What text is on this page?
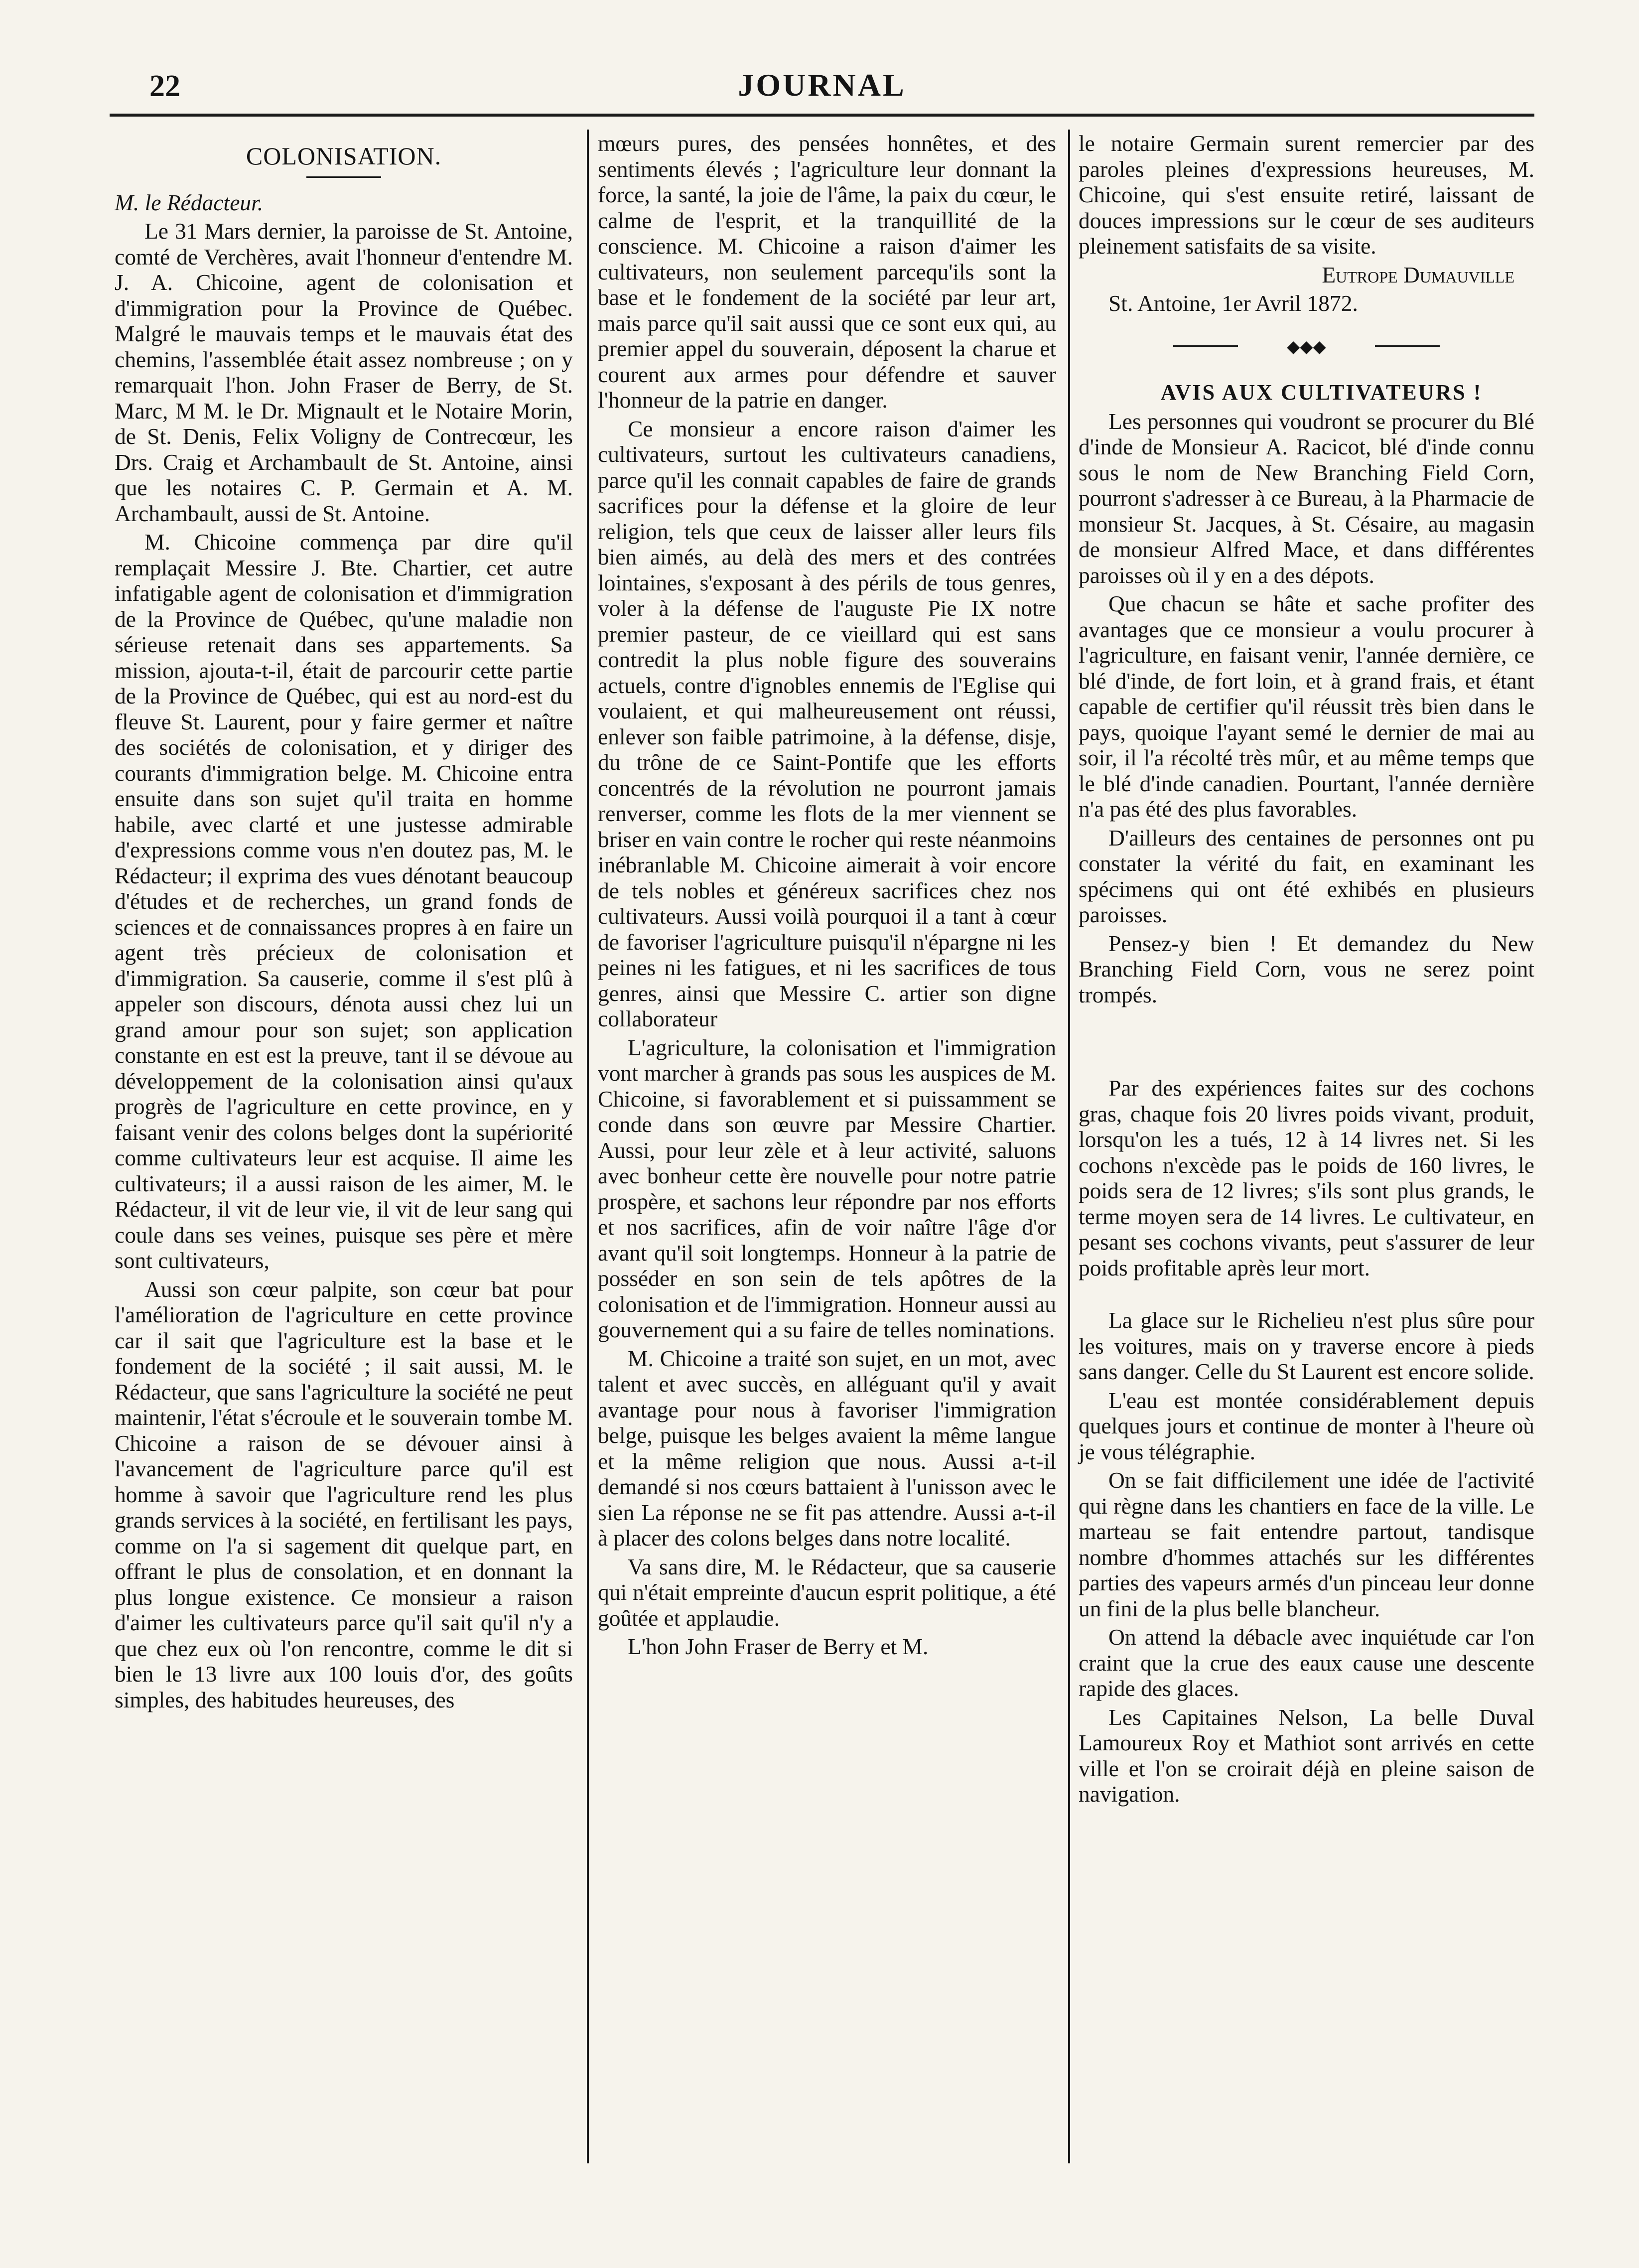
22	JOURNAL
COLONISATION.

M. le Rédacteur.

Le 31 Mars dernier, la paroisse de St. Antoine, comté de Verchères, avait l'honneur d'entendre M. J. A. Chicoine, agent de colonisation et d'immigration pour la Province de Québec. Malgré le mauvais temps et le mauvais état des chemins, l'assemblée était assez nombreuse ; on y remarquait l'hon. John Fraser de Berry, de St. Marc, M M. le Dr. Mignault et le Notaire Morin, de St. Denis, Felix Voligny de Contrecœur, les Drs. Craig et Archambault de St. Antoine, ainsi que les notaires C. P. Germain et A. M. Archambault, aussi de St. Antoine.

M. Chicoine commença par dire qu'il remplaçait Messire J. Bte. Chartier, cet autre infatigable agent de colonisation et d'immigration de la Province de Québec, qu'une maladie non sérieuse retenait dans ses appartements. Sa mission, ajouta-t-il, était de parcourir cette partie de la Province de Québec, qui est au nord-est du fleuve St. Laurent, pour y faire germer et naître des sociétés de colonisation, et y diriger des courants d'immigration belge. M. Chicoine entra ensuite dans son sujet qu'il traita en homme habile, avec clarté et une justesse admirable d'expressions comme vous n'en doutez pas, M. le Rédacteur; il exprima des vues dénotant beaucoup d'études et de recherches, un grand fonds de sciences et de connaissances propres à en faire un agent très précieux de colonisation et d'immigration. Sa causerie, comme il s'est plû à appeler son discours, dénota aussi chez lui un grand amour pour son sujet; son application constante en est est la preuve, tant il se dévoue au développement de la colonisation ainsi qu'aux progrès de l'agriculture en cette province, en y faisant venir des colons belges dont la supériorité comme cultivateurs leur est acquise. Il aime les cultivateurs; il a aussi raison de les aimer, M. le Rédacteur, il vit de leur vie, il vit de leur sang qui coule dans ses veines, puisque ses père et mère sont cultivateurs,

Aussi son cœur palpite, son cœur bat pour l'amélioration de l'agriculture en cette province car il sait que l'agriculture est la base et le fondement de la société ; il sait aussi, M. le Rédacteur, que sans l'agriculture la société ne peut maintenir, l'état s'écroule et le souverain tombe M. Chicoine a raison de se dévouer ainsi à l'avancement de l'agriculture parce qu'il est homme à savoir que l'agriculture rend les plus grands services à la société, en fertilisant les pays, comme on l'a si sagement dit quelque part, en offrant le plus de consolation, et en donnant la plus longue existence. Ce monsieur a raison d'aimer les cultivateurs parce qu'il sait qu'il n'y a que chez eux où l'on rencontre, comme le dit si bien le 13 livre aux 100 louis d'or, des goûts simples, des habitudes heureuses, des

mœurs pures, des pensées honnêtes, et des sentiments élevés ; l'agriculture leur donnant la force, la santé, la joie de l'âme, la paix du cœur, le calme de l'esprit, et la tranquillité de la conscience. M. Chicoine a raison d'aimer les cultivateurs, non seulement parcequ'ils sont la base et le fondement de la société par leur art, mais parce qu'il sait aussi que ce sont eux qui, au premier appel du souverain, déposent la charue et courent aux armes pour défendre et sauver l'honneur de la patrie en danger.

Ce monsieur a encore raison d'aimer les cultivateurs, surtout les cultivateurs canadiens, parce qu'il les connait capables de faire de grands sacrifices pour la défense et la gloire de leur religion, tels que ceux de laisser aller leurs fils bien aimés, au delà des mers et des contrées lointaines, s'exposant à des périls de tous genres, voler à la défense de l'auguste Pie IX notre premier pasteur, de ce vieillard qui est sans contredit la plus noble figure des souverains actuels, contre d'ignobles ennemis de l'Eglise qui voulaient, et qui malheureusement ont réussi, enlever son faible patrimoine, à la défense, disje, du trône de ce Saint-Pontife que les efforts concentrés de la révolution ne pourront jamais renverser, comme les flots de la mer viennent se briser en vain contre le rocher qui reste néanmoins inébranlable M. Chicoine aimerait à voir encore de tels nobles et généreux sacrifices chez nos cultivateurs. Aussi voilà pourquoi il a tant à cœur de favoriser l'agriculture puisqu'il n'épargne ni les peines ni les fatigues, et ni les sacrifices de tous genres, ainsi que Messire C. artier son digne collaborateur

L'agriculture, la colonisation et l'immigration vont marcher à grands pas sous les auspices de M. Chicoine, si favorablement et si puissamment se conde dans son œuvre par Messire Chartier. Aussi, pour leur zèle et à leur activité, saluons avec bonheur cette ère nouvelle pour notre patrie prospère, et sachons leur répondre par nos efforts et nos sacrifices, afin de voir naître l'âge d'or avant qu'il soit longtemps. Honneur à la patrie de posséder en son sein de tels apôtres de la colonisation et de l'immigration. Honneur aussi au gouvernement qui a su faire de telles nominations.

M. Chicoine a traité son sujet, en un mot, avec talent et avec succès, en alléguant qu'il y avait avantage pour nous à favoriser l'immigration belge, puisque les belges avaient la même langue et la même religion que nous. Aussi a-t-il demandé si nos cœurs battaient à l'unisson avec le sien La réponse ne se fit pas attendre. Aussi a-t-il à placer des colons belges dans notre localité.

Va sans dire, M. le Rédacteur, que sa causerie qui n'était empreinte d'aucun esprit politique, a été goûtée et applaudie.

L'hon John Fraser de Berry et M.

le notaire Germain surent remercier par des paroles pleines d'expressions heureuses, M. Chicoine, qui s'est ensuite retiré, laissant de douces impressions sur le cœur de ses auditeurs pleinement satisfaits de sa visite.

Eutrope Dumauville

St. Antoine, 1er Avril 1872.

◆◆◆

AVIS AUX CULTIVATEURS !

Les personnes qui voudront se procurer du Blé d'inde de Monsieur A. Racicot, blé d'inde connu sous le nom de New Branching Field Corn, pourront s'adresser à ce Bureau, à la Pharmacie de monsieur St. Jacques, à St. Césaire, au magasin de monsieur Alfred Mace, et dans différentes paroisses où il y en a des dépots.

Que chacun se hâte et sache profiter des avantages que ce monsieur a voulu procurer à l'agriculture, en faisant venir, l'année dernière, ce blé d'inde, de fort loin, et à grand frais, et étant capable de certifier qu'il réussit très bien dans le pays, quoique l'ayant semé le dernier de mai au soir, il l'a récolté très mûr, et au même temps que le blé d'inde canadien. Pourtant, l'année dernière n'a pas été des plus favorables.

D'ailleurs des centaines de personnes ont pu constater la vérité du fait, en examinant les spécimens qui ont été exhibés en plusieurs paroisses.

Pensez-y bien ! Et demandez du New Branching Field Corn, vous ne serez point trompés.

Par des expériences faites sur des cochons gras, chaque fois 20 livres poids vivant, produit, lorsqu'on les a tués, 12 à 14 livres net. Si les cochons n'excède pas le poids de 160 livres, le poids sera de 12 livres; s'ils sont plus grands, le terme moyen sera de 14 livres. Le cultivateur, en pesant ses cochons vivants, peut s'assurer de leur poids profitable après leur mort.

La glace sur le Richelieu n'est plus sûre pour les voitures, mais on y traverse encore à pieds sans danger. Celle du St Laurent est encore solide.

L'eau est montée considérablement depuis quelques jours et continue de monter à l'heure où je vous télégraphie.

On se fait difficilement une idée de l'activité qui règne dans les chantiers en face de la ville. Le marteau se fait entendre partout, tandisque nombre d'hommes attachés sur les différentes parties des vapeurs armés d'un pinceau leur donne un fini de la plus belle blancheur.

On attend la débacle avec inquiétude car l'on craint que la crue des eaux cause une descente rapide des glaces.

Les Capitaines Nelson, La belle Duval Lamoureux Roy et Mathiot sont arrivés en cette ville et l'on se croirait déjà en pleine saison de navigation.
